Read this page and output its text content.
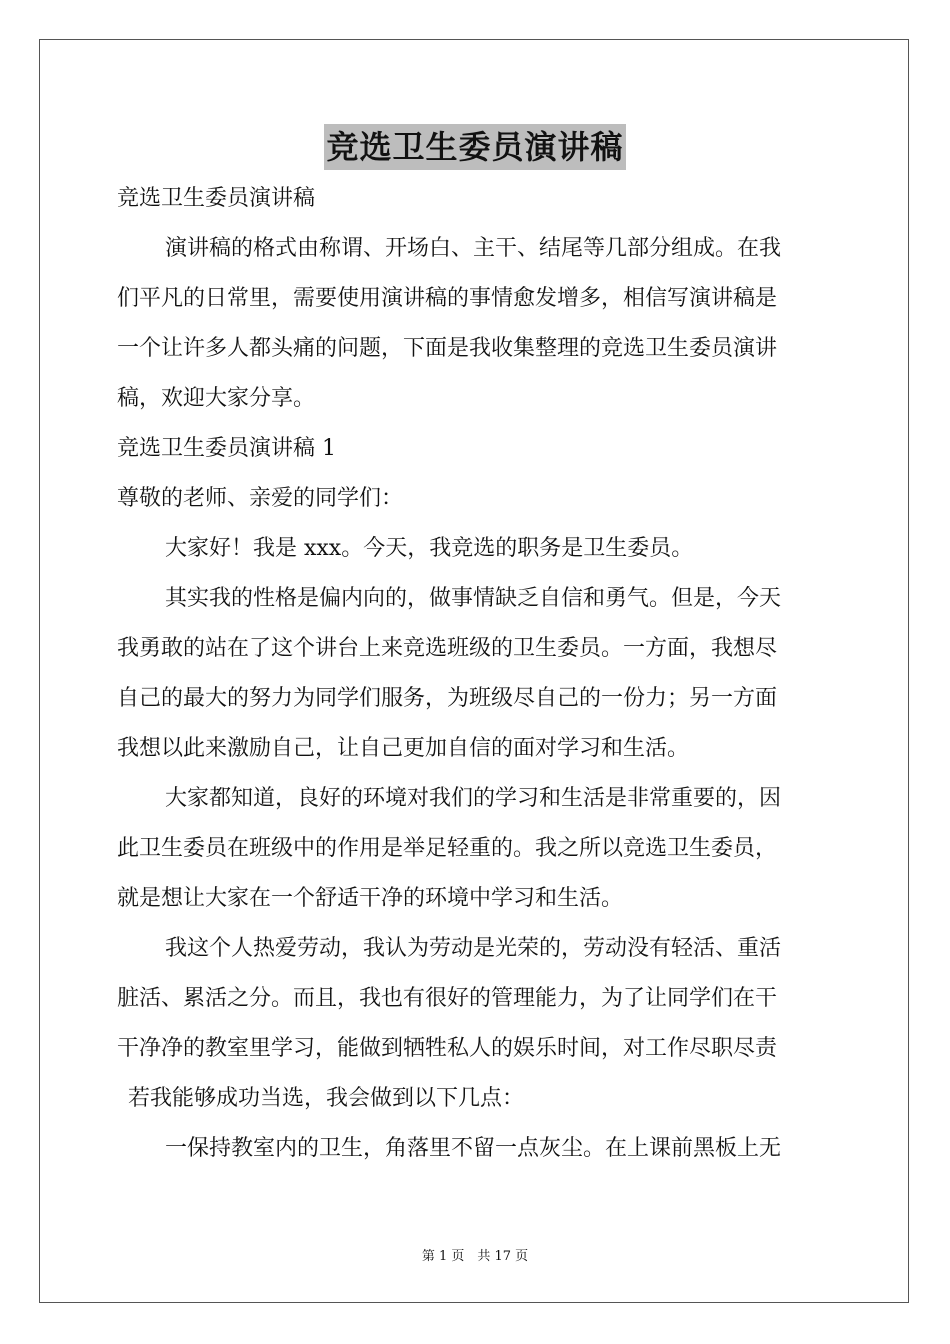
竞选卫生委员演讲稿
竞选卫生委员演讲稿
演讲稿的格式由称谓、开场白、主干、结尾等几部分组成。在我
们平凡的日常里，需要使用演讲稿的事情愈发增多，相信写演讲稿是
一个让许多人都头痛的问题，下面是我收集整理的竞选卫生委员演讲
稿，欢迎大家分享。
竞选卫生委员演讲稿 1
尊敬的老师、亲爱的同学们：
大家好！我是 xxx。今天，我竞选的职务是卫生委员。
其实我的性格是偏内向的，做事情缺乏自信和勇气。但是，今天
我勇敢的站在了这个讲台上来竞选班级的卫生委员。一方面，我想尽
自己的最大的努力为同学们服务，为班级尽自己的一份力；另一方面
我想以此来激励自己，让自己更加自信的面对学习和生活。
大家都知道，良好的环境对我们的学习和生活是非常重要的，因
此卫生委员在班级中的作用是举足轻重的。我之所以竞选卫生委员，
就是想让大家在一个舒适干净的环境中学习和生活。
我这个人热爱劳动，我认为劳动是光荣的，劳动没有轻活、重活
脏活、累活之分。而且，我也有很好的管理能力，为了让同学们在干
干净净的教室里学习，能做到牺牲私人的娱乐时间，对工作尽职尽责
若我能够成功当选，我会做到以下几点：
一保持教室内的卫生，角落里不留一点灰尘。在上课前黑板上无
第 1 页　共 17 页
